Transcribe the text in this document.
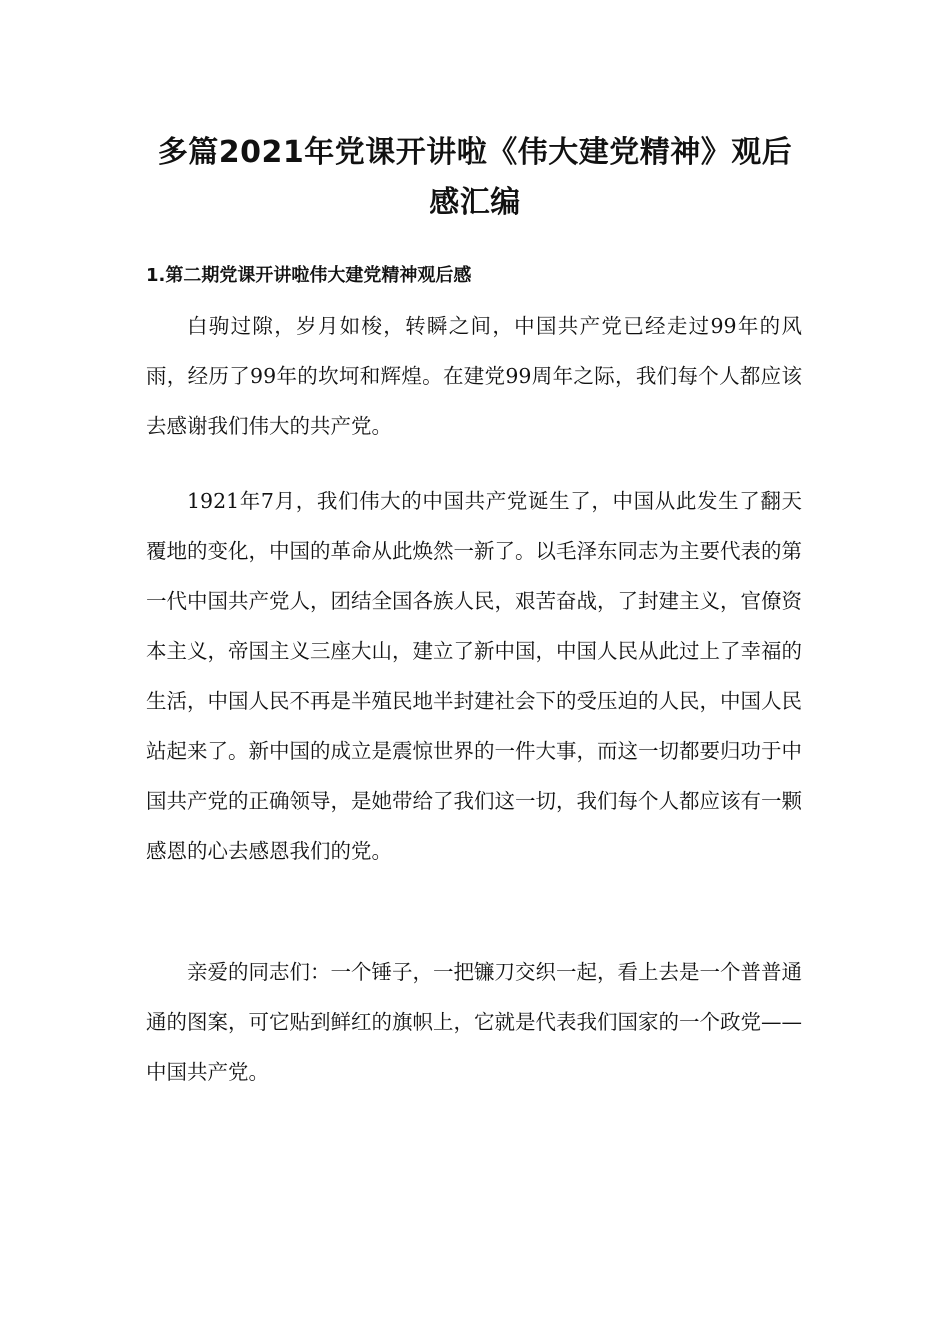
多篇2021年党课开讲啦《伟大建党精神》观后感汇编
1.第二期党课开讲啦伟大建党精神观后感

白驹过隙，岁月如梭，转瞬之间，中国共产党已经走过99年的风雨，经历了99年的坎坷和辉煌。在建党99周年之际，我们每个人都应该去感谢我们伟大的共产党。

1921年7月，我们伟大的中国共产党诞生了，中国从此发生了翻天覆地的变化，中国的革命从此焕然一新了。以毛泽东同志为主要代表的第一代中国共产党人，团结全国各族人民，艰苦奋战，了封建主义，官僚资本主义，帝国主义三座大山，建立了新中国，中国人民从此过上了幸福的生活，中国人民不再是半殖民地半封建社会下的受压迫的人民，中国人民站起来了。新中国的成立是震惊世界的一件大事，而这一切都要归功于中国共产党的正确领导，是她带给了我们这一切，我们每个人都应该有一颗感恩的心去感恩我们的党。

亲爱的同志们：一个锤子，一把镰刀交织一起，看上去是一个普普通通的图案，可它贴到鲜红的旗帜上，它就是代表我们国家的一个政党——中国共产党。
